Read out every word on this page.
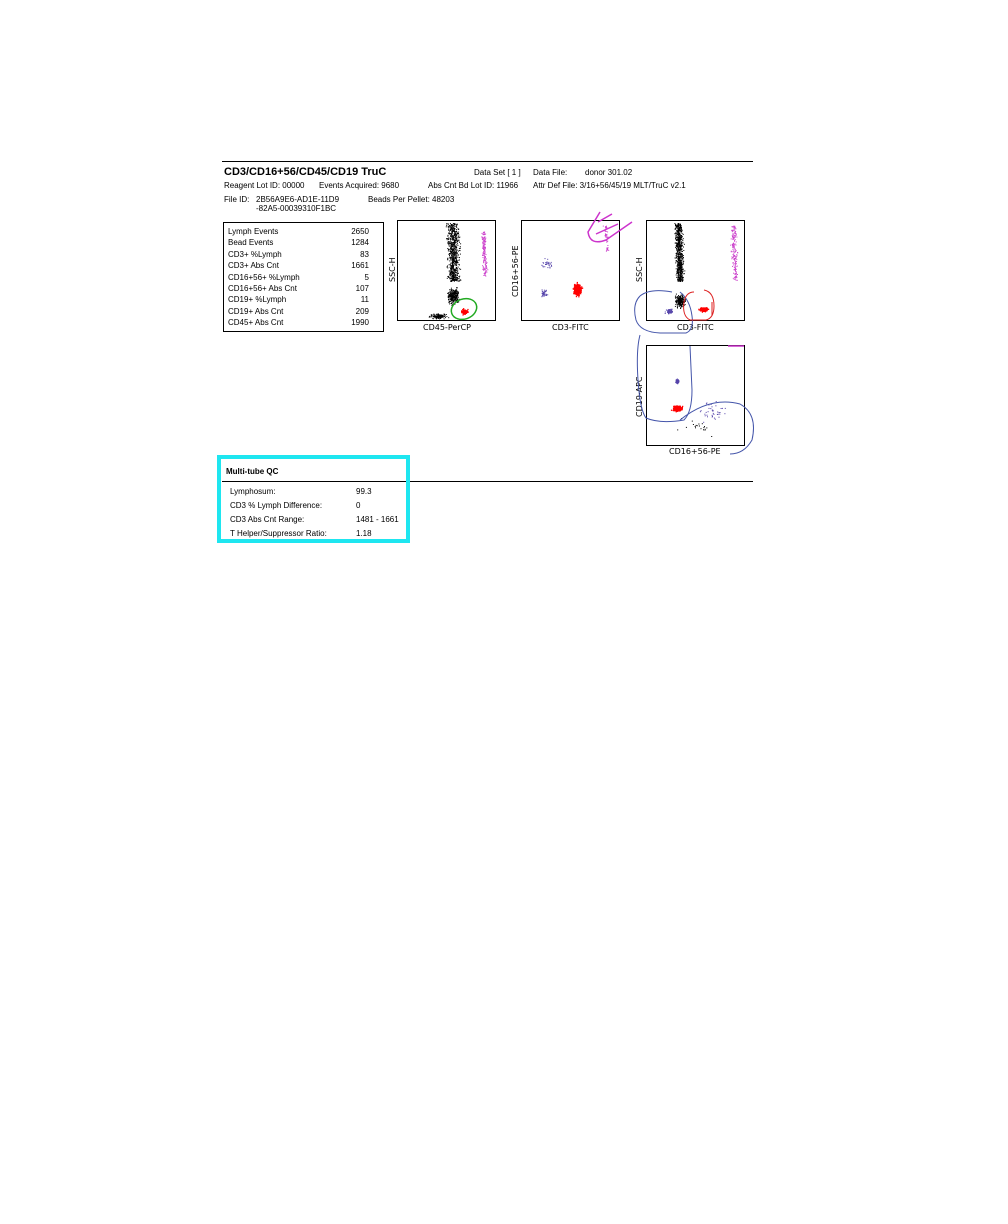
CD3/CD16+56/CD45/CD19 TruC	Data Set [ 1 ] Data File: donor 301.02
Reagent Lot ID: 00000 Events Acquired: 9680	Abs Cnt Bd Lot ID: 11966 Attr Def File: 3/16+56/45/19 MLT/TruC v2.1
File ID: 2B56A9E6-AD1E-11D9
-82A5-00039310F1BC
Beads Per Pellet: 48203
Lymph Events	2650
Bead Events	1284
CD3+ %Lymph	83
CD3+ Abs Cnt	1661
CD16+56+ %Lymph	5
CD16+56+ Abs Cnt	107
CD19+ %Lymph	11
CD19+ Abs Cnt	209
CD45+ Abs Cnt	1990
SSC-H
CD45-PerCP
CD16+56-PE
CD3-FITC
SSC-H
CD3-FITC
CD19-APC
CD16+56-PE
Multi-tube QC
Lymphosum:	99.3
CD3 % Lymph Difference:	0
CD3 Abs Cnt Range:	1481 - 1661
T Helper/Suppressor Ratio:	1.18
